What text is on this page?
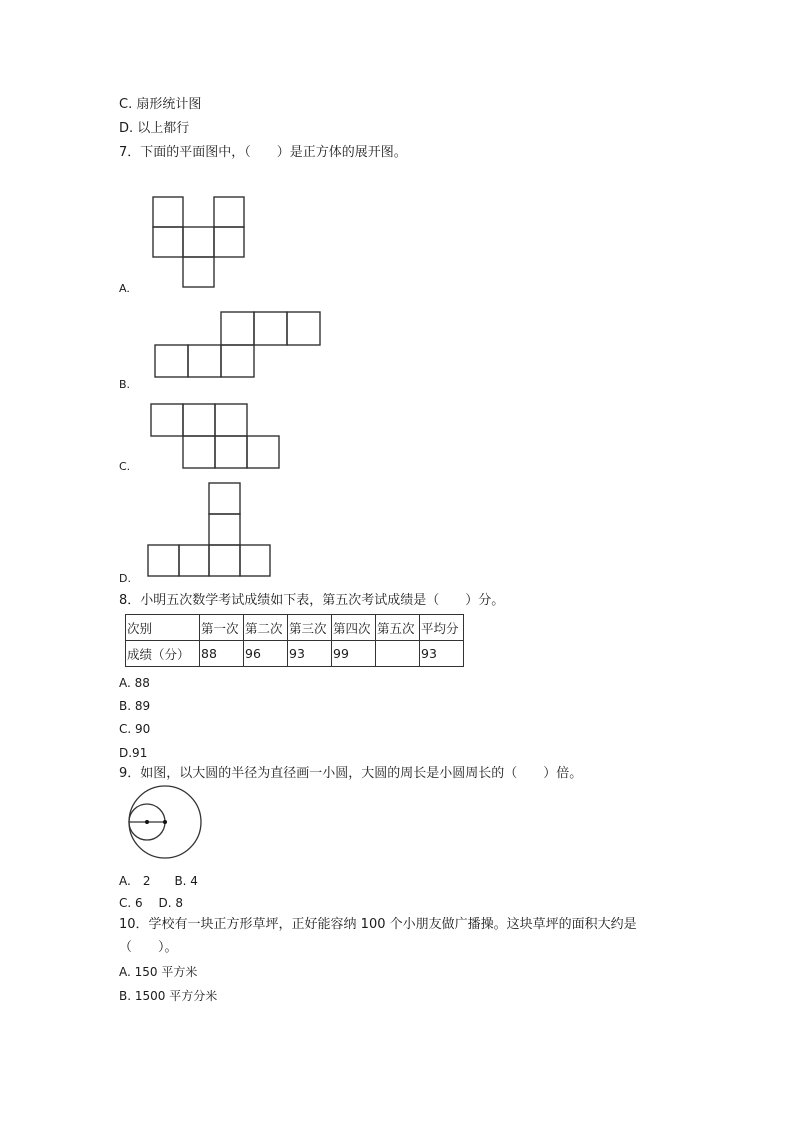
C. 扇形统计图
D. 以上都行
7．下面的平面图中，（　　）是正方体的展开图。
A.
B.
C.
D.
8．小明五次数学考试成绩如下表，第五次考试成绩是（　　）分。
次别	第一次	第二次	第三次	第四次	第五次	平均分
成绩（分）	88	96	93	99		93
A. 88
B. 89
C. 90
D.91
9．如图，以大圆的半径为直径画一小圆，大圆的周长是小圆周长的（　　）倍。
A.　2　　B. 4
C. 6　 D. 8
10．学校有一块正方形草坪，正好能容纳 100 个小朋友做广播操。这块草坪的面积大约是
（　　）。
A. 150 平方米
B. 1500 平方分米
